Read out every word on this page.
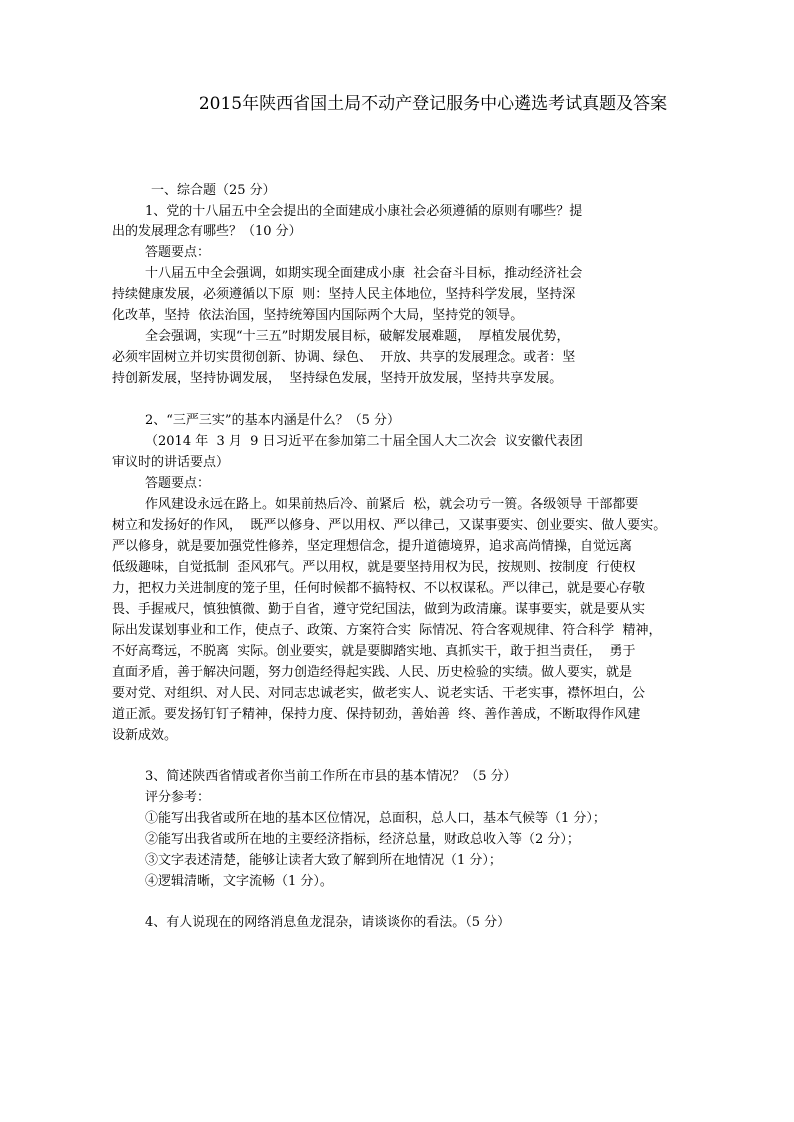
2015年陕西省国土局不动产登记服务中心遴选考试真题及答案

一、综合题（25 分）

1、党的十八届五中全会提出的全面建成小康社会必须遵循的原则有哪些？提

出的发展理念有哪些？（10 分）

答题要点：

十八届五中全会强调，如期实现全面建成小康  社会奋斗目标，推动经济社会

持续健康发展，必须遵循以下原  则：坚持人民主体地位，坚持科学发展，坚持深

化改革，坚持  依法治国，坚持统筹国内国际两个大局，坚持党的领导。

全会强调，实现“十三五”时期发展目标，破解发展难题，  厚植发展优势，

必须牢固树立并切实贯彻创新、协调、绿色、  开放、共享的发展理念。或者：坚

持创新发展，坚持协调发展，  坚持绿色发展，坚持开放发展，坚持共享发展。

2、“三严三实”的基本内涵是什么？（5 分）

（2014 年  3 月  9 日习近平在参加第二十届全国人大二次会  议安徽代表团

审议时的讲话要点）

答题要点：

作风建设永远在路上。如果前热后冷、前紧后  松，就会功亏一篑。各级领导 干部都要

树立和发扬好的作风，  既严以修身、严以用权、严以律己，又谋事要实、创业要实、做人要实。

严以修身，就是要加强党性修养，坚定理想信念，提升道德境界，追求高尚情操，自觉远离

低级趣味，自觉抵制  歪风邪气。严以用权，就是要坚持用权为民，按规则、按制度  行使权

力，把权力关进制度的笼子里，任何时候都不搞特权、不以权谋私。严以律己，就是要心存敬

畏、手握戒尺，慎独慎微、勤于自省，遵守党纪国法，做到为政清廉。谋事要实，就是要从实

际出发谋划事业和工作，使点子、政策、方案符合实  际情况、符合客观规律、符合科学  精神，

不好高骛远，不脱离  实际。创业要实，就是要脚踏实地、真抓实干，敢于担当责任，  勇于

直面矛盾，善于解决问题，努力创造经得起实践、人民、历史检验的实绩。做人要实，就是

要对党、对组织、对人民、对同志忠诚老实，做老实人、说老实话、干老实事，襟怀坦白，公

道正派。要发扬钉钉子精神，保持力度、保持韧劲，善始善  终、善作善成，不断取得作风建

设新成效。

3、简述陕西省情或者你当前工作所在市县的基本情况？（5 分）

评分参考：

①能写出我省或所在地的基本区位情况，总面积，总人口，基本气候等（1 分）；

②能写出我省或所在地的主要经济指标，经济总量，财政总收入等（2 分）；

③文字表述清楚，能够让读者大致了解到所在地情况（1 分）；

④逻辑清晰，文字流畅（1 分）。

4、有人说现在的网络消息鱼龙混杂，请谈谈你的看法。（5 分）
